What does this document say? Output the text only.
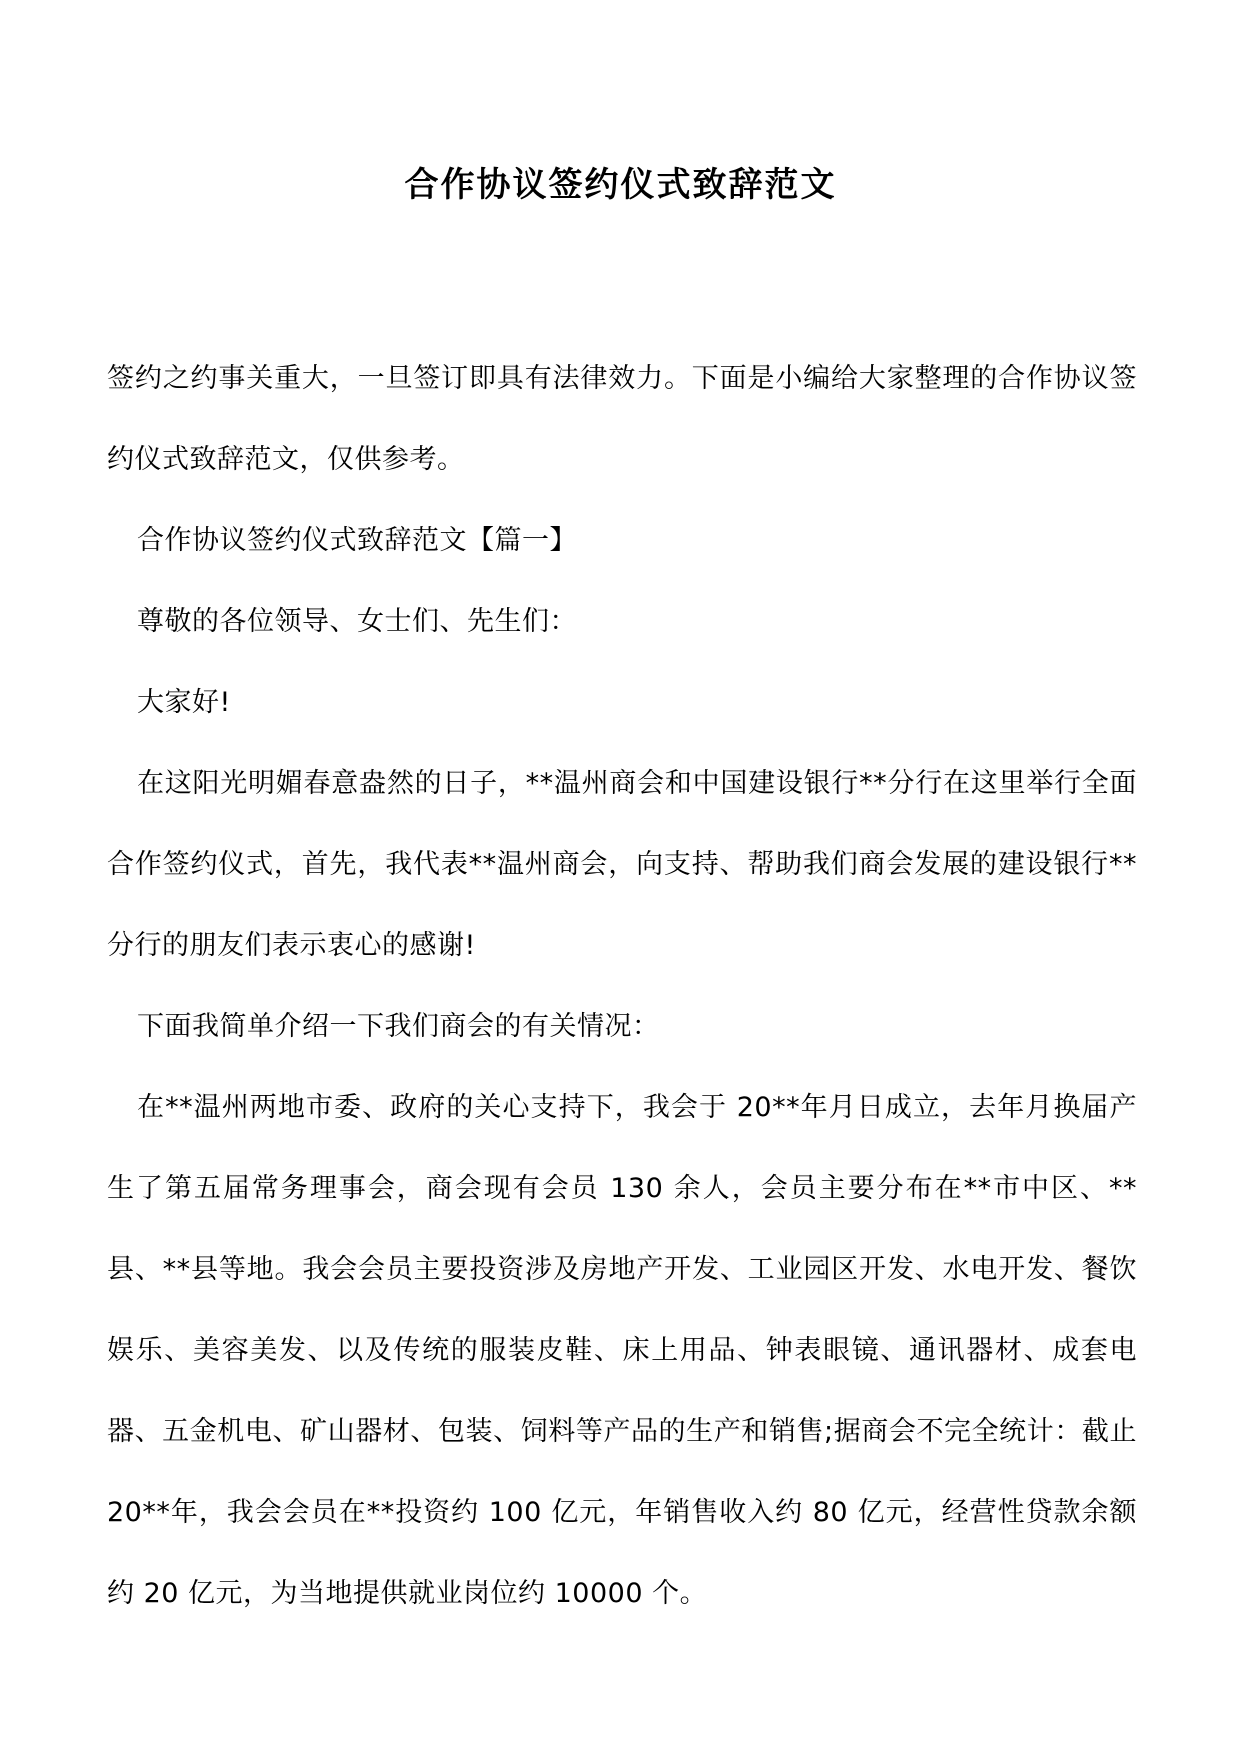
合作协议签约仪式致辞范文

签约之约事关重大，一旦签订即具有法律效力。下面是小编给大家整理的合作协议签约仪式致辞范文，仅供参考。

合作协议签约仪式致辞范文【篇一】

尊敬的各位领导、女士们、先生们：

大家好!

在这阳光明媚春意盎然的日子，**温州商会和中国建设银行**分行在这里举行全面合作签约仪式，首先，我代表**温州商会，向支持、帮助我们商会发展的建设银行**分行的朋友们表示衷心的感谢!

下面我简单介绍一下我们商会的有关情况：

在**温州两地市委、政府的关心支持下，我会于 20**年月日成立，去年月换届产生了第五届常务理事会，商会现有会员 130 余人，会员主要分布在**市中区、**县、**县等地。我会会员主要投资涉及房地产开发、工业园区开发、水电开发、餐饮娱乐、美容美发、以及传统的服装皮鞋、床上用品、钟表眼镜、通讯器材、成套电器、五金机电、矿山器材、包装、饲料等产品的生产和销售;据商会不完全统计：截止 20**年，我会会员在**投资约 100 亿元，年销售收入约 80 亿元，经营性贷款余额约 20 亿元，为当地提供就业岗位约 10000 个。
